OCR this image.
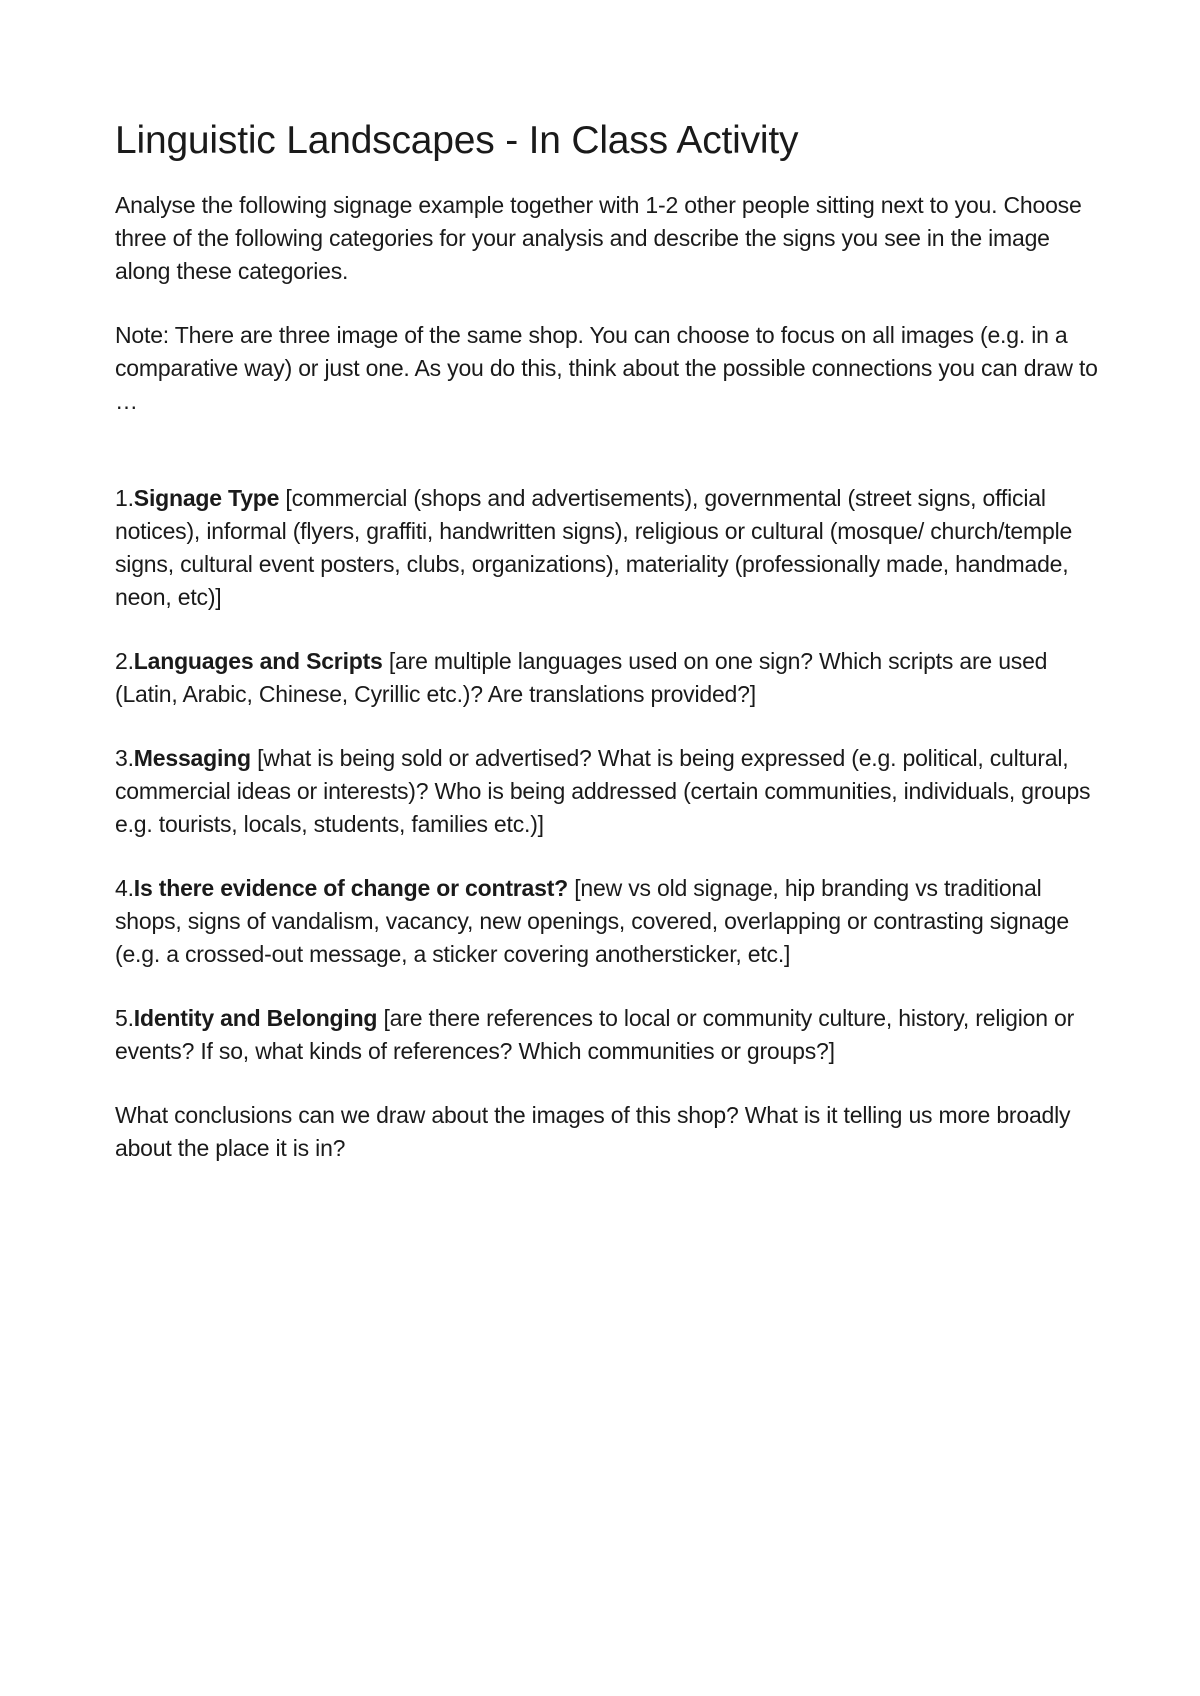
Linguistic Landscapes - In Class Activity

Analyse the following signage example together with 1-2 other people sitting next to you. Choose three of the following categories for your analysis and describe the signs you see in the image along these categories.

Note: There are three image of the same shop. You can choose to focus on all images (e.g. in a comparative way) or just one. As you do this, think about the possible connections you can draw to …

1.Signage Type [commercial (shops and advertisements), governmental (street signs, official notices), informal (flyers, graffiti, handwritten signs), religious or cultural (mosque/ church/temple signs, cultural event posters, clubs, organizations), materiality (professionally made, handmade, neon, etc)]

2.Languages and Scripts [are multiple languages used on one sign? Which scripts are used (Latin, Arabic, Chinese, Cyrillic etc.)? Are translations provided?]

3.Messaging [what is being sold or advertised? What is being expressed (e.g. political, cultural, commercial ideas or interests)? Who is being addressed (certain communities, individuals, groups e.g. tourists, locals, students, families etc.)]

4.Is there evidence of change or contrast? [new vs old signage, hip branding vs traditional shops, signs of vandalism, vacancy, new openings, covered, overlapping or contrasting signage (e.g. a crossed-out message, a sticker covering anothersticker, etc.]

5.Identity and Belonging [are there references to local or community culture, history, religion or events? If so, what kinds of references? Which communities or groups?]

What conclusions can we draw about the images of this shop? What is it telling us more broadly about the place it is in?
